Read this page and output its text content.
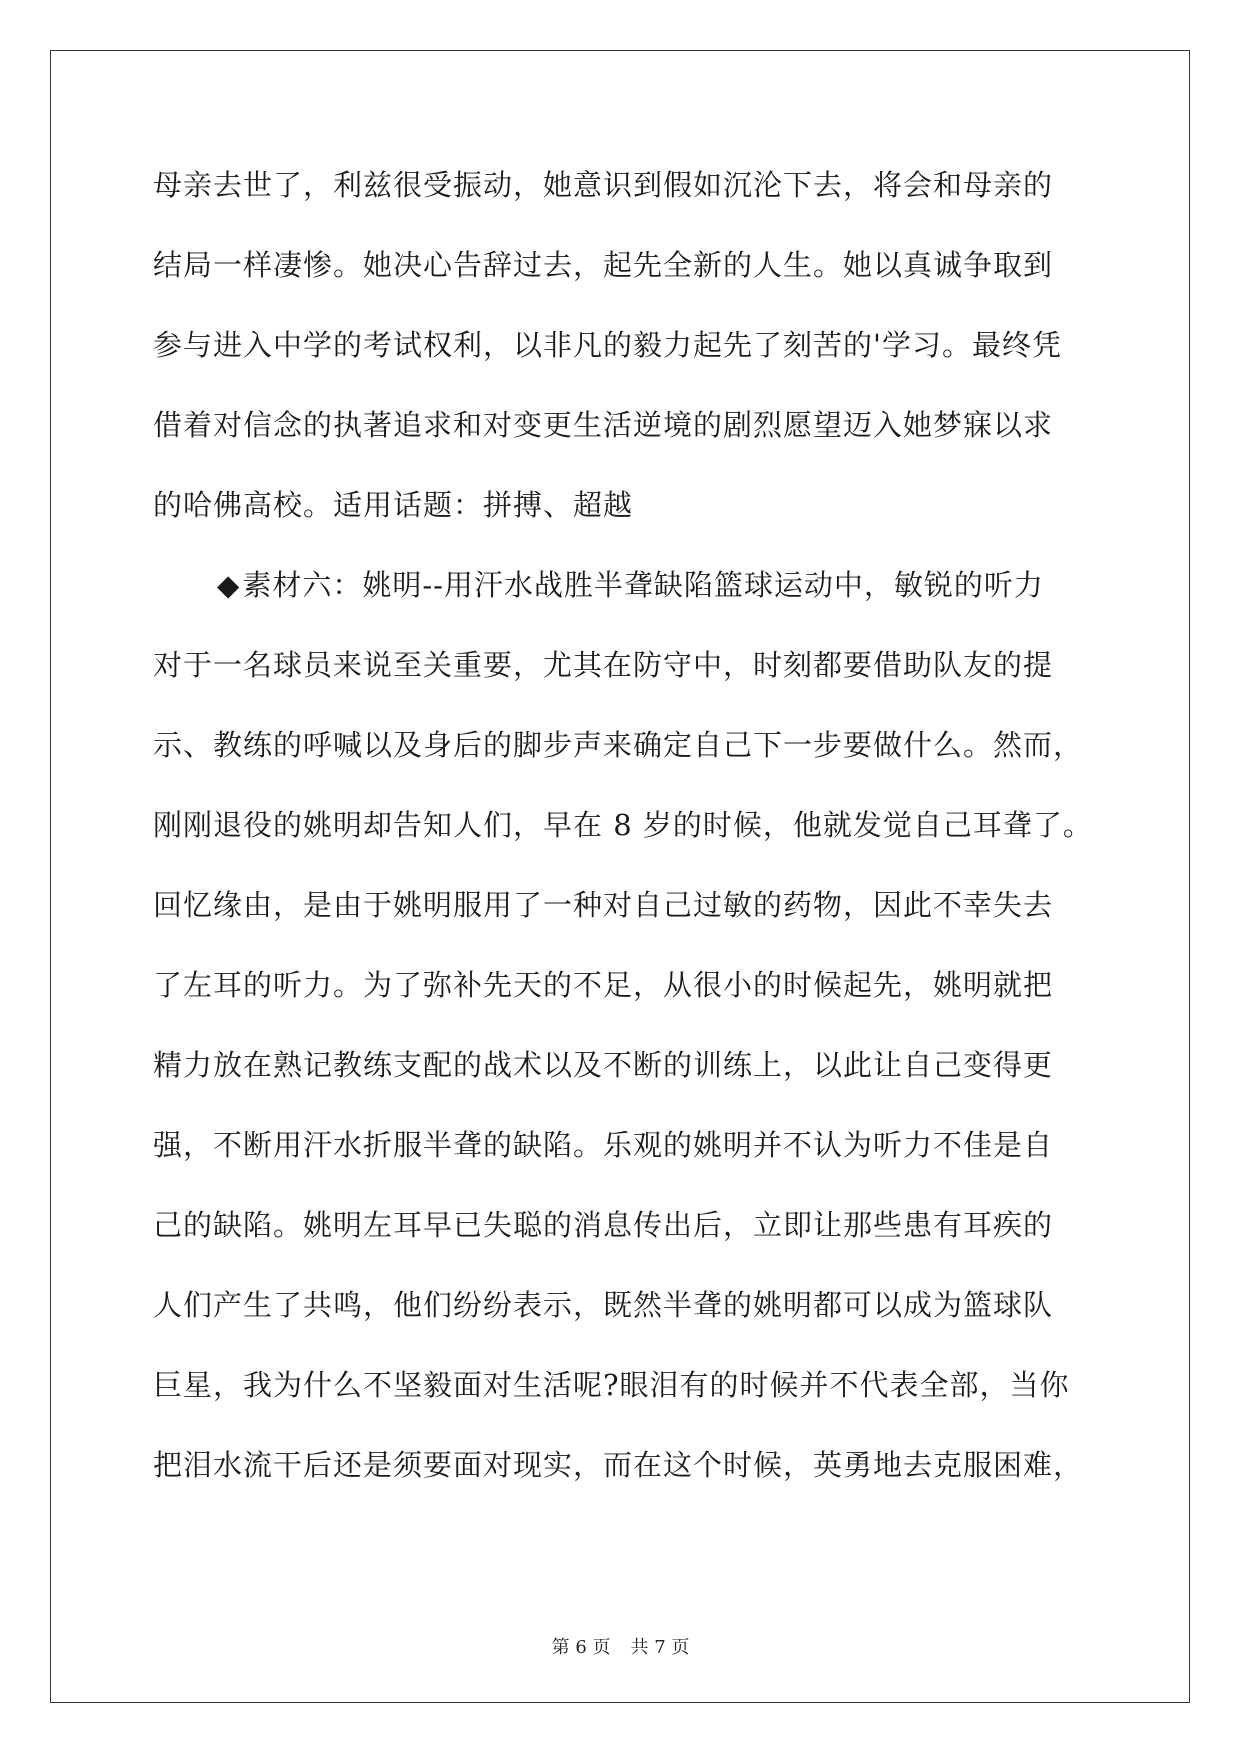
母亲去世了，利兹很受振动，她意识到假如沉沦下去，将会和母亲的
结局一样凄惨。她决心告辞过去，起先全新的人生。她以真诚争取到
参与进入中学的考试权利，以非凡的毅力起先了刻苦的'学习。最终凭
借着对信念的执著追求和对变更生活逆境的剧烈愿望迈入她梦寐以求
的哈佛高校。适用话题：拼搏、超越
◆素材六：姚明--用汗水战胜半聋缺陷篮球运动中，敏锐的听力
对于一名球员来说至关重要，尤其在防守中，时刻都要借助队友的提
示、教练的呼喊以及身后的脚步声来确定自己下一步要做什么。然而，
刚刚退役的姚明却告知人们，早在 8 岁的时候，他就发觉自己耳聋了。
回忆缘由，是由于姚明服用了一种对自己过敏的药物，因此不幸失去
了左耳的听力。为了弥补先天的不足，从很小的时候起先，姚明就把
精力放在熟记教练支配的战术以及不断的训练上，以此让自己变得更
强，不断用汗水折服半聋的缺陷。乐观的姚明并不认为听力不佳是自
己的缺陷。姚明左耳早已失聪的消息传出后，立即让那些患有耳疾的
人们产生了共鸣，他们纷纷表示，既然半聋的姚明都可以成为篮球队
巨星，我为什么不坚毅面对生活呢?眼泪有的时候并不代表全部，当你
把泪水流干后还是须要面对现实，而在这个时候，英勇地去克服困难，
第 6 页 共 7 页
